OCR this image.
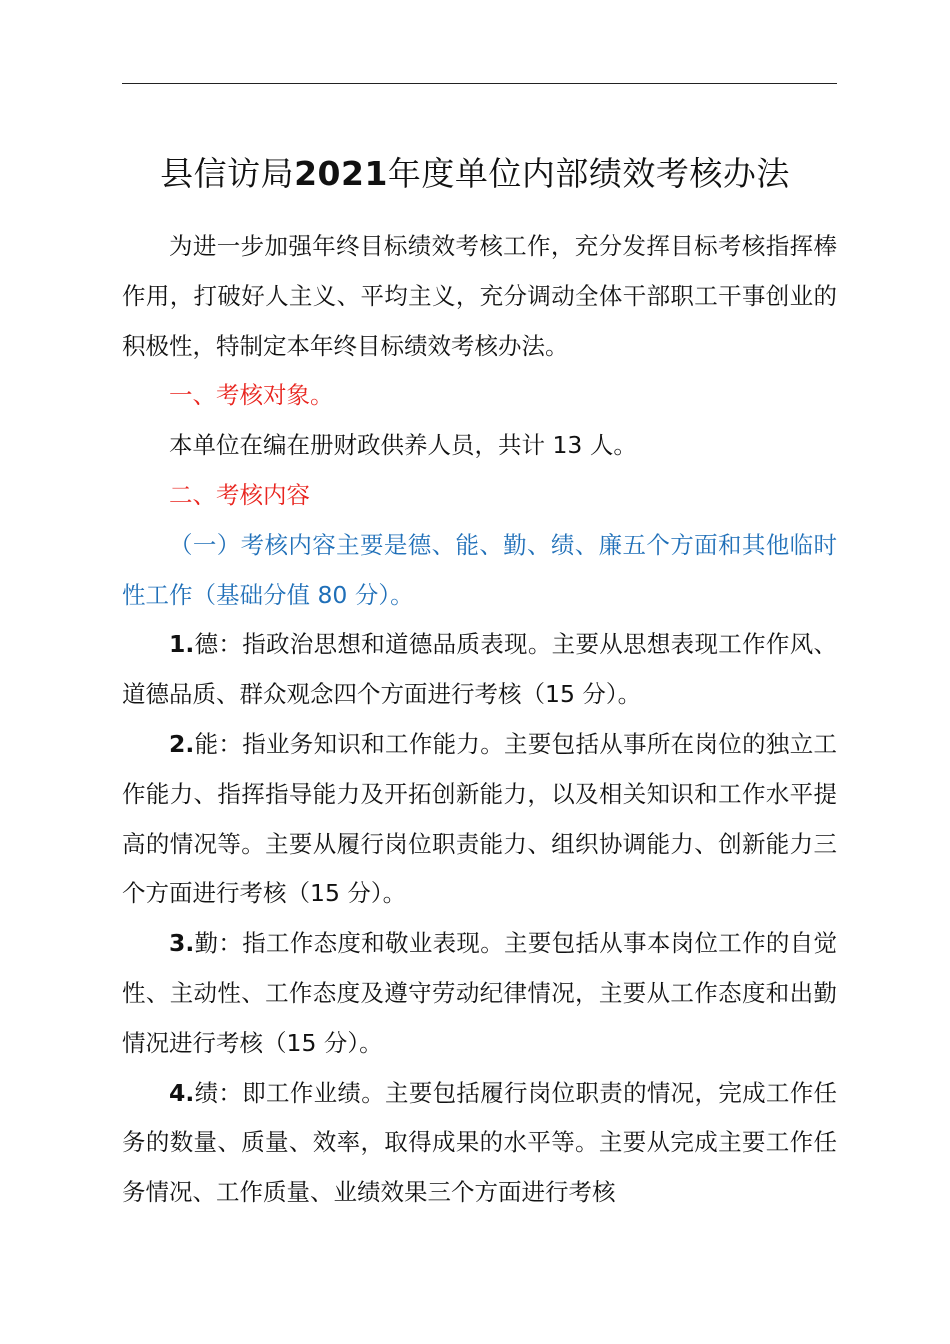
县信访局2021年度单位内部绩效考核办法

为进一步加强年终目标绩效考核工作，充分发挥目标考核指挥棒作用，打破好人主义、平均主义，充分调动全体干部职工干事创业的积极性，特制定本年终目标绩效考核办法。

一、考核对象。

本单位在编在册财政供养人员，共计 13 人。

二、考核内容

（一）考核内容主要是德、能、勤、绩、廉五个方面和其他临时性工作（基础分值 80 分）。

1.德：指政治思想和道德品质表现。主要从思想表现工作作风、道德品质、群众观念四个方面进行考核（15 分）。

2.能：指业务知识和工作能力。主要包括从事所在岗位的独立工作能力、指挥指导能力及开拓创新能力，以及相关知识和工作水平提高的情况等。主要从履行岗位职责能力、组织协调能力、创新能力三个方面进行考核（15 分）。

3.勤：指工作态度和敬业表现。主要包括从事本岗位工作的自觉性、主动性、工作态度及遵守劳动纪律情况，主要从工作态度和出勤情况进行考核（15 分）。

4.绩：即工作业绩。主要包括履行岗位职责的情况，完成工作任务的数量、质量、效率，取得成果的水平等。主要从完成主要工作任务情况、工作质量、业绩效果三个方面进行考核
